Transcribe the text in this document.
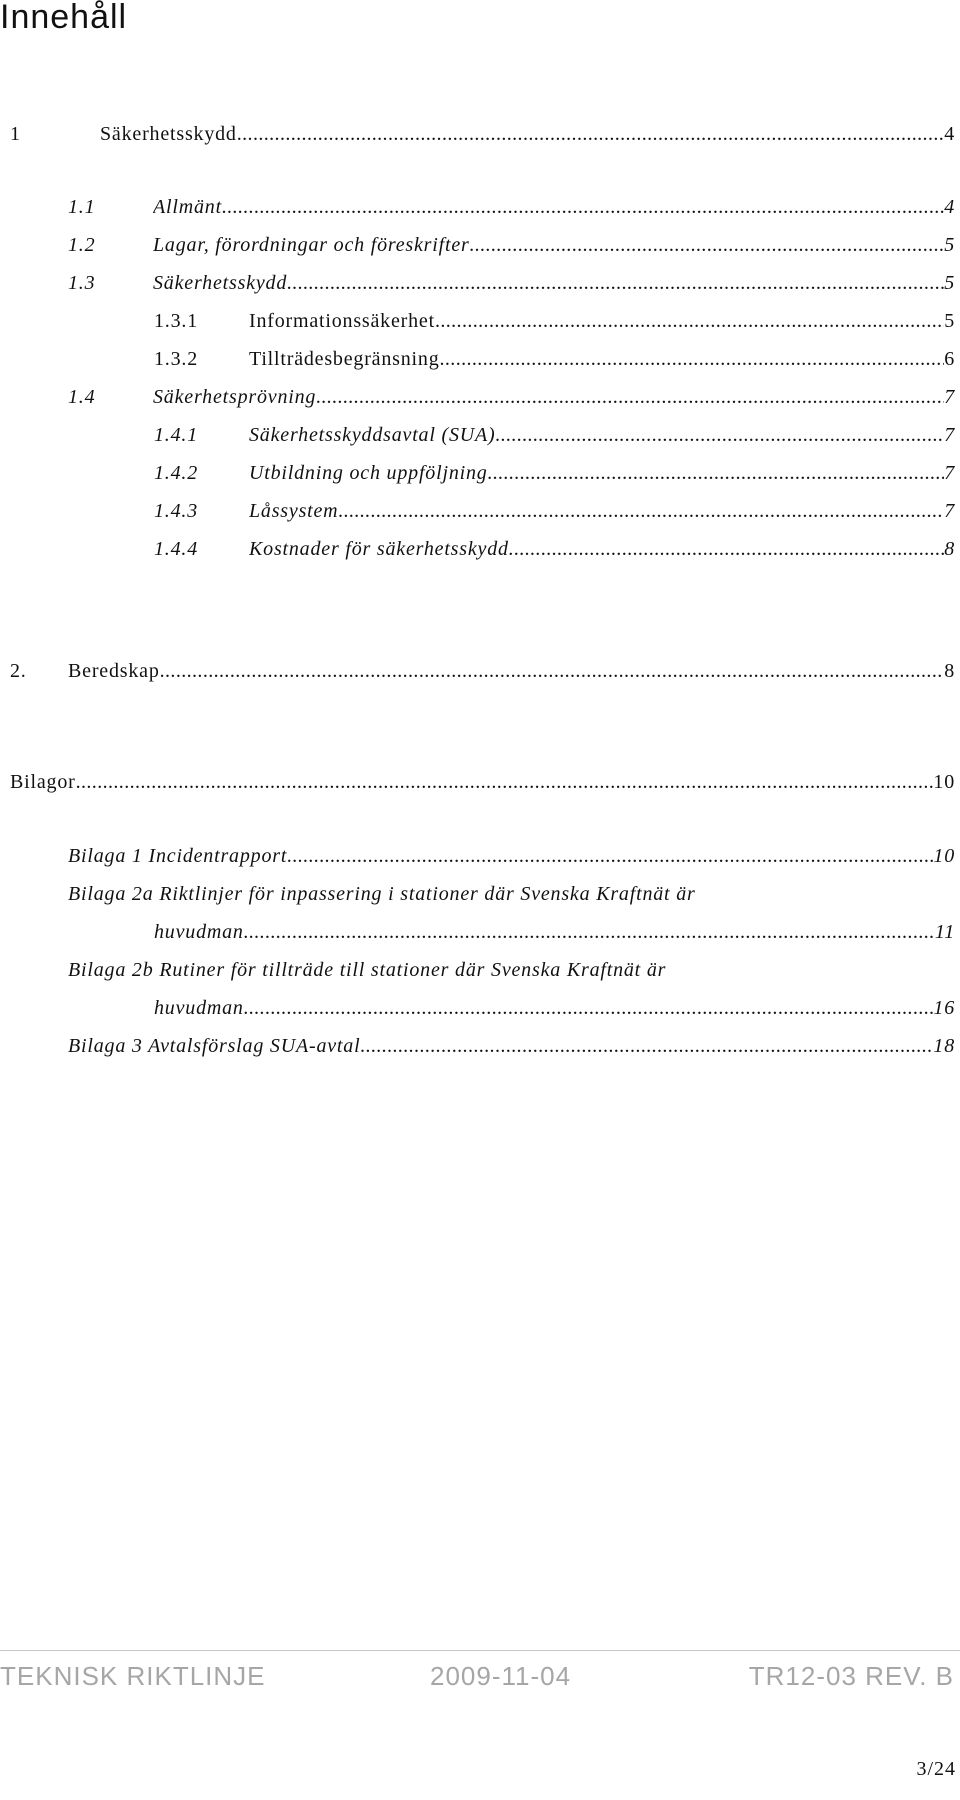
Innehåll
1	Säkerhetsskydd .....	4
1.1	Allmänt .....	4
1.2	Lagar, förordningar och föreskrifter .....	5
1.3	Säkerhetsskydd .....	5
1.3.1	Informationssäkerhet .....	5
1.3.2	Tillträdesbegränsning .....	6
1.4	Säkerhetsprövning .....	7
1.4.1	Säkerhetsskyddsavtal (SUA) .....	7
1.4.2	Utbildning och uppföljning .....	7
1.4.3	Låssystem .....	7
1.4.4	Kostnader för säkerhetsskydd .....	8
2. Beredskap .....	8
Bilagor .....	10
Bilaga 1 Incidentrapport .....	10
Bilaga 2a Riktlinjer för inpassering i stationer där Svenska Kraftnät är
huvudman .....	11
Bilaga 2b Rutiner för tillträde till stationer där Svenska Kraftnät är
huvudman .....	16
Bilaga 3 Avtalsförslag SUA-avtal .....	18
TEKNISK RIKTLINJE	2009-11-04	TR12-03 REV. B
3/24
